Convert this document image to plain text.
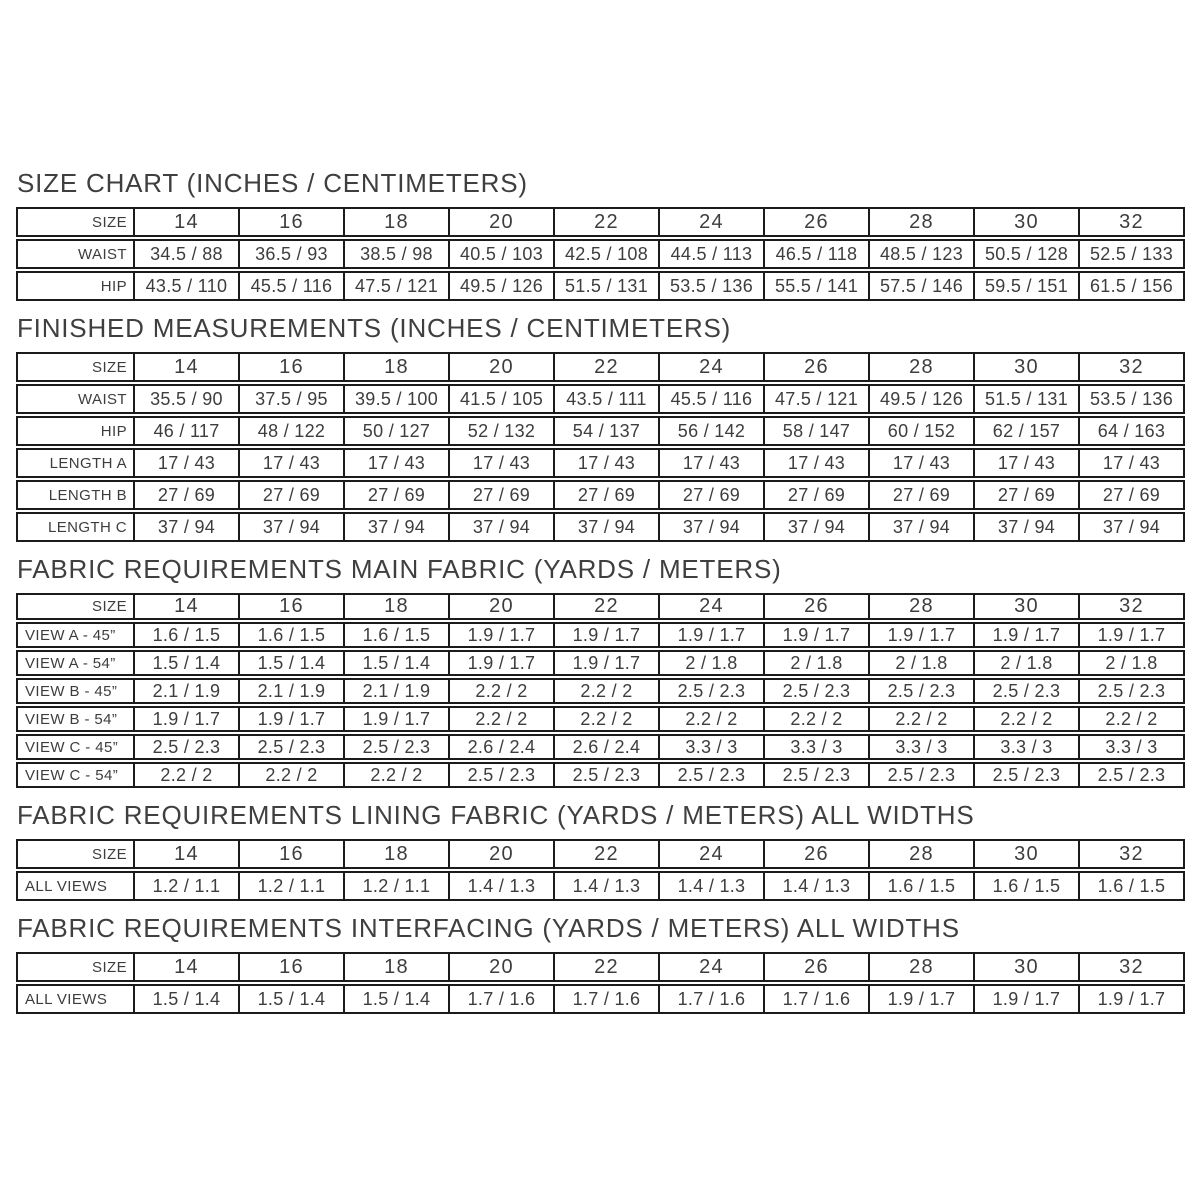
SIZE CHART (INCHES / CENTIMETERS)
SIZE	14	16	18	20	22	24	26	28	30	32
WAIST	34.5 / 88	36.5 / 93	38.5 / 98	40.5 / 103	42.5 / 108	44.5 / 113	46.5 / 118	48.5 / 123	50.5 / 128	52.5 / 133
HIP	43.5 / 110	45.5 / 116	47.5 / 121	49.5 / 126	51.5 / 131	53.5 / 136	55.5 / 141	57.5 / 146	59.5 / 151	61.5 / 156
FINISHED MEASUREMENTS (INCHES / CENTIMETERS)
SIZE	14	16	18	20	22	24	26	28	30	32
WAIST	35.5 / 90	37.5 / 95	39.5 / 100	41.5 / 105	43.5 / 111	45.5 / 116	47.5 / 121	49.5 / 126	51.5 / 131	53.5 / 136
HIP	46 / 117	48 / 122	50 / 127	52 / 132	54 / 137	56 / 142	58 / 147	60 / 152	62 / 157	64 / 163
LENGTH A	17 / 43	17 / 43	17 / 43	17 / 43	17 / 43	17 / 43	17 / 43	17 / 43	17 / 43	17 / 43
LENGTH B	27 / 69	27 / 69	27 / 69	27 / 69	27 / 69	27 / 69	27 / 69	27 / 69	27 / 69	27 / 69
LENGTH C	37 / 94	37 / 94	37 / 94	37 / 94	37 / 94	37 / 94	37 / 94	37 / 94	37 / 94	37 / 94
FABRIC REQUIREMENTS MAIN FABRIC (YARDS / METERS)
SIZE	14	16	18	20	22	24	26	28	30	32
VIEW A - 45”	1.6 / 1.5	1.6 / 1.5	1.6 / 1.5	1.9 / 1.7	1.9 / 1.7	1.9 / 1.7	1.9 / 1.7	1.9 / 1.7	1.9 / 1.7	1.9 / 1.7
VIEW A - 54”	1.5 / 1.4	1.5 / 1.4	1.5 / 1.4	1.9 / 1.7	1.9 / 1.7	2 / 1.8	2 / 1.8	2 / 1.8	2 / 1.8	2 / 1.8
VIEW B - 45”	2.1 / 1.9	2.1 / 1.9	2.1 / 1.9	2.2 / 2	2.2 / 2	2.5 / 2.3	2.5 / 2.3	2.5 / 2.3	2.5 / 2.3	2.5 / 2.3
VIEW B - 54”	1.9 / 1.7	1.9 / 1.7	1.9 / 1.7	2.2 / 2	2.2 / 2	2.2 / 2	2.2 / 2	2.2 / 2	2.2 / 2	2.2 / 2
VIEW C - 45”	2.5 / 2.3	2.5 / 2.3	2.5 / 2.3	2.6 / 2.4	2.6 / 2.4	3.3 / 3	3.3 / 3	3.3 / 3	3.3 / 3	3.3 / 3
VIEW C - 54”	2.2 / 2	2.2 / 2	2.2 / 2	2.5 / 2.3	2.5 / 2.3	2.5 / 2.3	2.5 / 2.3	2.5 / 2.3	2.5 / 2.3	2.5 / 2.3
FABRIC REQUIREMENTS LINING FABRIC (YARDS / METERS) ALL WIDTHS
SIZE	14	16	18	20	22	24	26	28	30	32
ALL VIEWS	1.2 / 1.1	1.2 / 1.1	1.2 / 1.1	1.4 / 1.3	1.4 / 1.3	1.4 / 1.3	1.4 / 1.3	1.6 / 1.5	1.6 / 1.5	1.6 / 1.5
FABRIC REQUIREMENTS INTERFACING (YARDS / METERS) ALL WIDTHS
SIZE	14	16	18	20	22	24	26	28	30	32
ALL VIEWS	1.5 / 1.4	1.5 / 1.4	1.5 / 1.4	1.7 / 1.6	1.7 / 1.6	1.7 / 1.6	1.7 / 1.6	1.9 / 1.7	1.9 / 1.7	1.9 / 1.7
